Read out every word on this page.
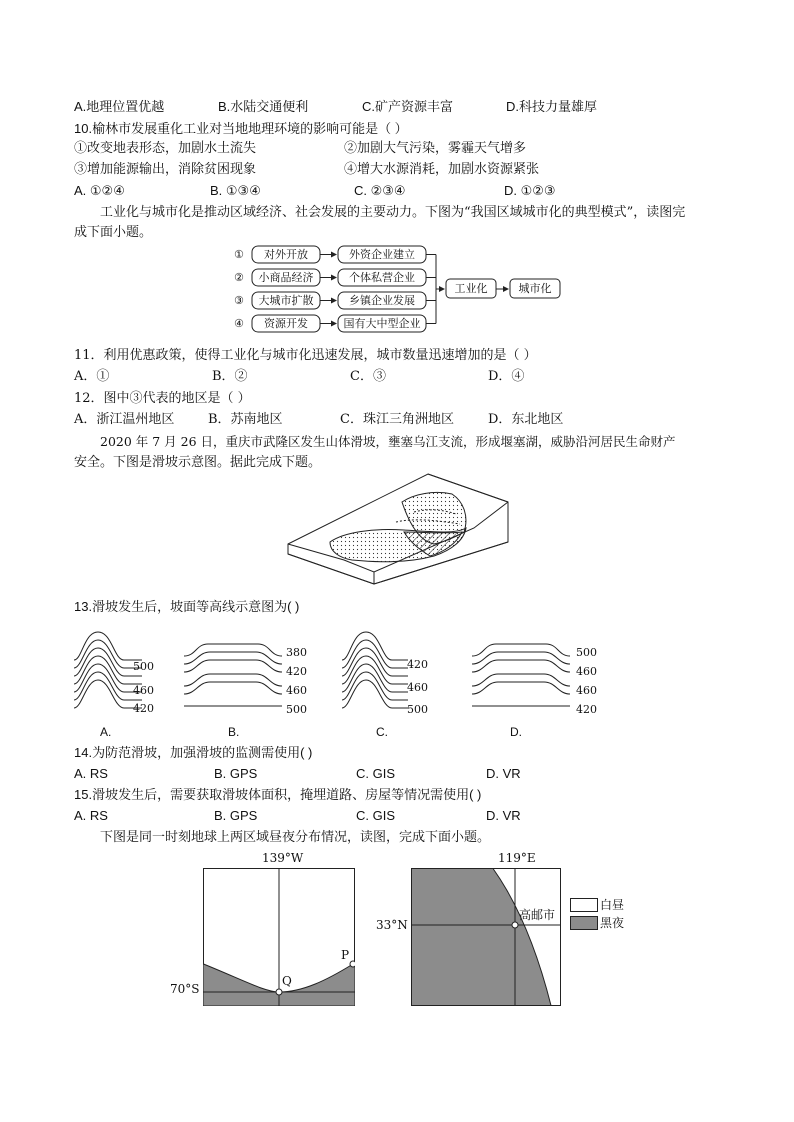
A.地理位置优越	B.水陆交通便利	C.矿产资源丰富	D.科技力量雄厚
10.榆林市发展重化工业对当地地理环境的影响可能是（ ）
①改变地表形态，加剧水土流失	②加剧大气污染，雾霾天气增多
③增加能源输出，消除贫困现象	④增大水源消耗，加剧水资源紧张
A. ①②④	B. ①③④	C. ②③④	D. ①②③
工业化与城市化是推动区域经济、社会发展的主要动力。下图为“我国区域城市化的典型模式”，读图完
成下面小题。
① 对外开放	外资企业建立
② 小商品经济	个体私营企业
③ 大城市扩散	乡镇企业发展
④ 资源开发	国有大中型企业
工业化	城市化
11．利用优惠政策，使得工业化与城市化迅速发展，城市数量迅速增加的是（ ）
A．①	B．②	C．③	D．④
12．图中③代表的地区是（ ）
A．浙江温州地区	B．苏南地区	C．珠江三角洲地区	D．东北地区
2020 年 7 月 26 日，重庆市武隆区发生山体滑坡，壅塞乌江支流，形成堰塞湖，威胁沿河居民生命财产
安全。下图是滑坡示意图。据此完成下题。
13.滑坡发生后，坡面等高线示意图为( )
500
460
420
380
420
460
500
420
460
500
500
460
460
420
A.	B.	C.	D.
14.为防范滑坡，加强滑坡的监测需使用( )
A. RS	B. GPS	C. GIS	D. VR
15.滑坡发生后，需要获取滑坡体面积，掩埋道路、房屋等情况需使用( )
A. RS	B. GPS	C. GIS	D. VR
下图是同一时刻地球上两区域昼夜分布情况，读图，完成下面小题。
139°W
70°S
Q
P
119°E
33°N
高邮市
白昼
黑夜
